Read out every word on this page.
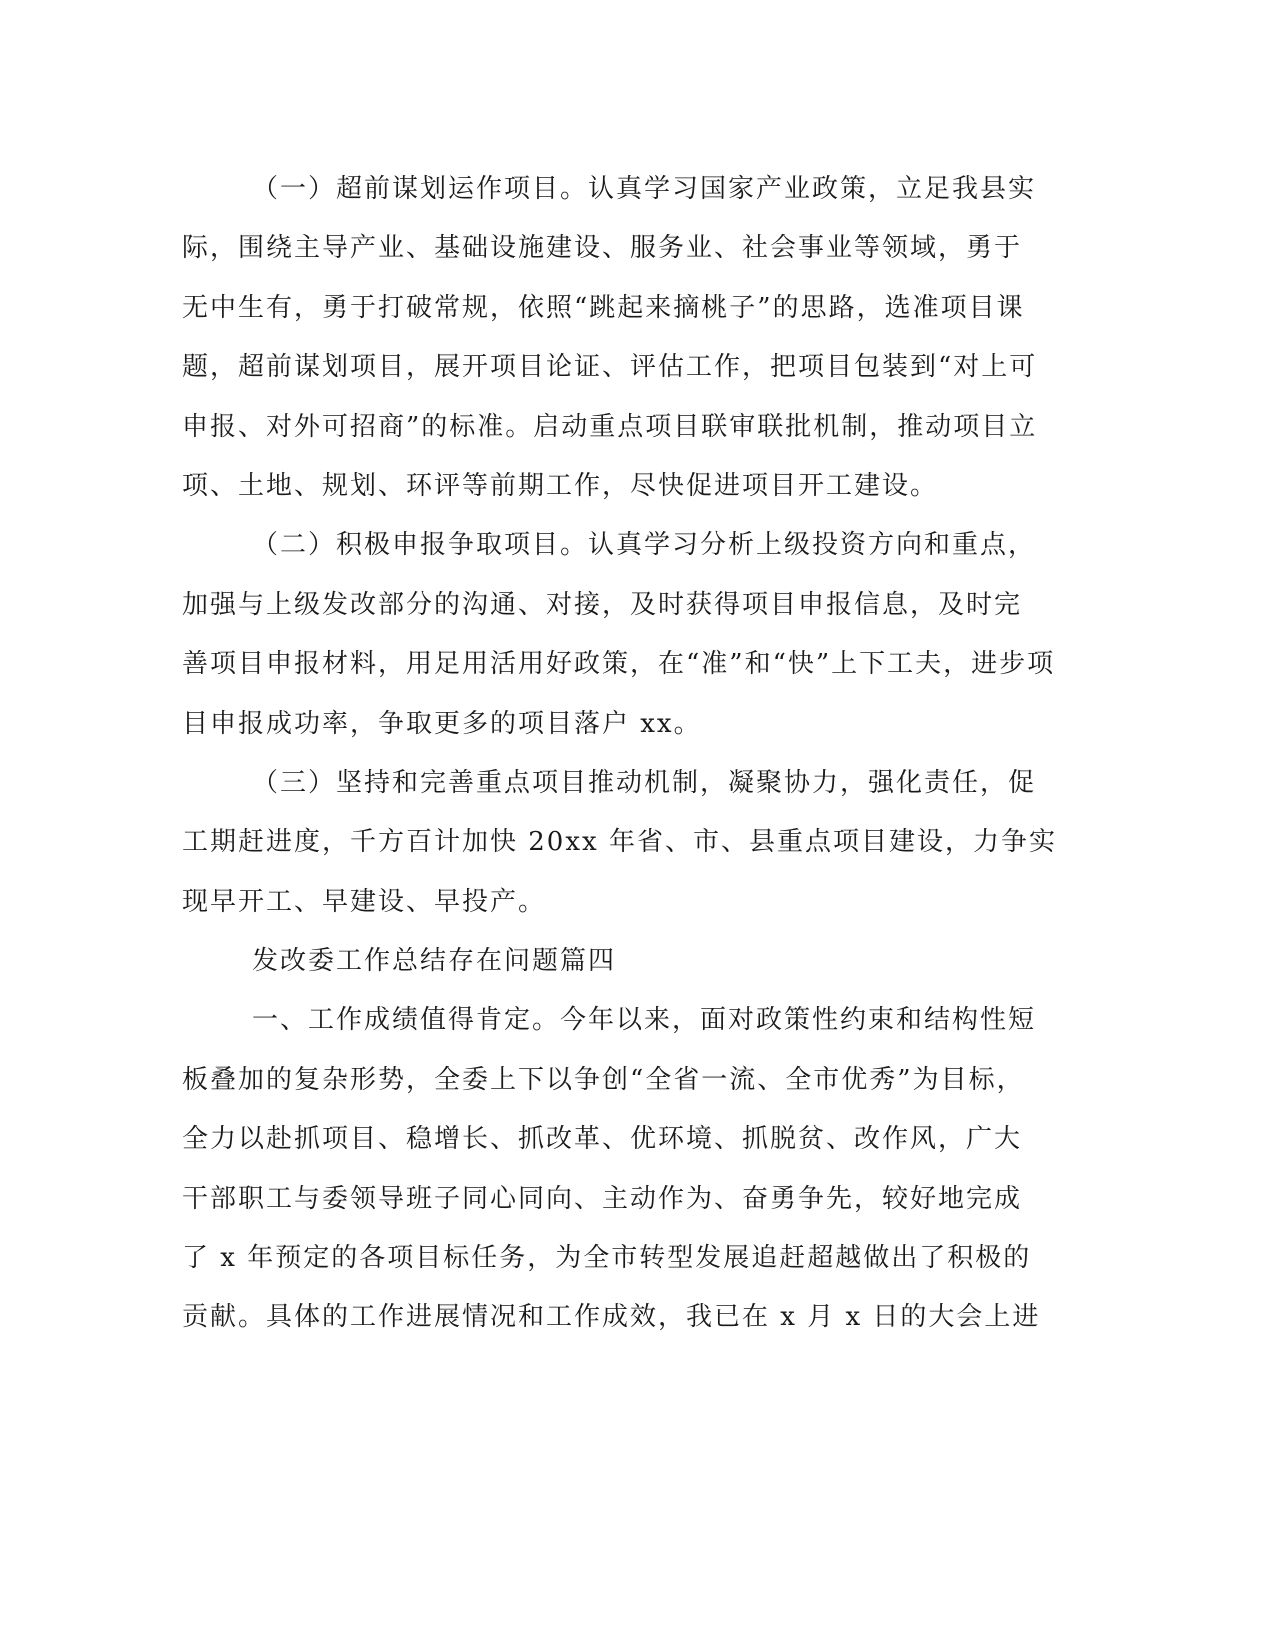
（一）超前谋划运作项目。认真学习国家产业政策，立足我县实
际，围绕主导产业、基础设施建设、服务业、社会事业等领域，勇于
无中生有，勇于打破常规，依照“跳起来摘桃子”的思路，选准项目课
题，超前谋划项目，展开项目论证、评估工作，把项目包装到“对上可
申报、对外可招商”的标准。启动重点项目联审联批机制，推动项目立
项、土地、规划、环评等前期工作，尽快促进项目开工建设。
（二）积极申报争取项目。认真学习分析上级投资方向和重点，
加强与上级发改部分的沟通、对接，及时获得项目申报信息，及时完
善项目申报材料，用足用活用好政策，在“准”和“快”上下工夫，进步项
目申报成功率，争取更多的项目落户 xx。
（三）坚持和完善重点项目推动机制，凝聚协力，强化责任，促
工期赶进度，千方百计加快 20xx 年省、市、县重点项目建设，力争实
现早开工、早建设、早投产。
发改委工作总结存在问题篇四
一、工作成绩值得肯定。今年以来，面对政策性约束和结构性短
板叠加的复杂形势，全委上下以争创“全省一流、全市优秀”为目标，
全力以赴抓项目、稳增长、抓改革、优环境、抓脱贫、改作风，广大
干部职工与委领导班子同心同向、主动作为、奋勇争先，较好地完成
了 x 年预定的各项目标任务，为全市转型发展追赶超越做出了积极的
贡献。具体的工作进展情况和工作成效，我已在 x 月 x 日的大会上进
